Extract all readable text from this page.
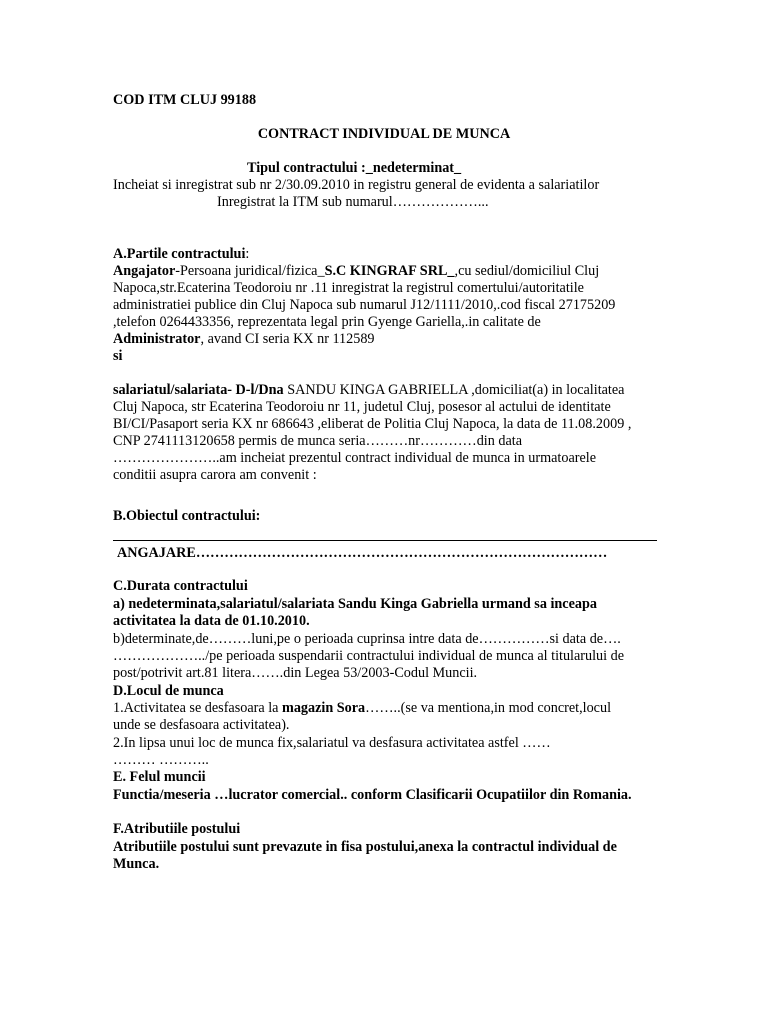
COD ITM CLUJ 99188
CONTRACT INDIVIDUAL DE MUNCA
Tipul contractului :_nedeterminat_
Incheiat si inregistrat sub nr 2/30.09.2010 in registru general de evidenta a salariatilor
Inregistrat la ITM sub numarul………………...
A.Partile contractului:
Angajator-Persoana juridical/fizica_S.C KINGRAF SRL_,cu sediul/domiciliul Cluj
Napoca,str.Ecaterina Teodoroiu nr .11 inregistrat la registrul comertului/autoritatile
administratiei publice din Cluj Napoca sub numarul J12/1111/2010,.cod fiscal 27175209
,telefon 0264433356, reprezentata legal prin Gyenge Gariella,.in calitate de
Administrator, avand CI seria KX nr 112589
si
salariatul/salariata- D-l/Dna SANDU KINGA GABRIELLA ,domiciliat(a) in localitatea
Cluj Napoca, str Ecaterina Teodoroiu nr 11, judetul Cluj, posesor al actului de identitate
BI/CI/Pasaport seria KX nr 686643 ,eliberat de Politia Cluj Napoca, la data de 11.08.2009 ,
CNP 2741113120658 permis de munca seria………nr…………din data
…………………..am incheiat prezentul contract individual de munca in urmatoarele
conditii asupra carora am convenit :
B.Obiectul contractului:
ANGAJARE……………………………………………………………………………
C.Durata contractului
a) nedeterminata,salariatul/salariata Sandu Kinga Gabriella urmand sa inceapa
activitatea la data de 01.10.2010.
b)determinate,de………luni,pe o perioada cuprinsa intre data de……………si data de….
………………../pe perioada suspendarii contractului individual de munca al titularului de
post/potrivit art.81 litera…….din Legea 53/2003-Codul Muncii.
D.Locul de munca
1.Activitatea se desfasoara la magazin Sora……..(se va mentiona,in mod concret,locul
unde se desfasoara activitatea).
2.In lipsa unui loc de munca fix,salariatul va desfasura activitatea astfel ……
……… ………..
E. Felul muncii
Functia/meseria …lucrator comercial.. conform Clasificarii Ocupatiilor din Romania.
F.Atributiile postului
Atributiile postului sunt prevazute in fisa postului,anexa la contractul individual de
Munca.
